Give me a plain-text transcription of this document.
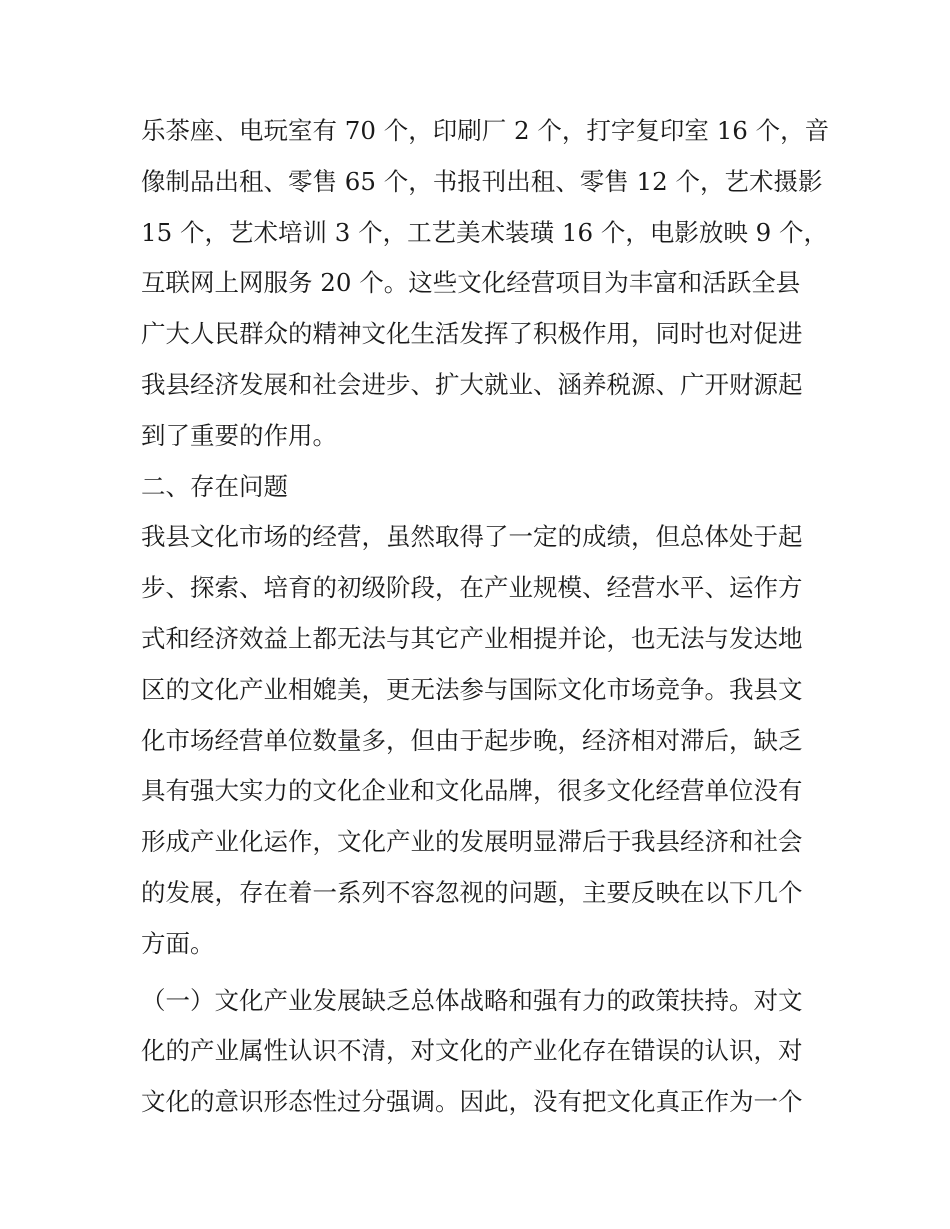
乐茶座、电玩室有 70 个，印刷厂 2 个，打字复印室 16 个，音
像制品出租、零售 65 个，书报刊出租、零售 12 个，艺术摄影
15 个，艺术培训 3 个，工艺美术装璜 16 个，电影放映 9 个，
互联网上网服务 20 个。这些文化经营项目为丰富和活跃全县
广大人民群众的精神文化生活发挥了积极作用，同时也对促进
我县经济发展和社会进步、扩大就业、涵养税源、广开财源起
到了重要的作用。
二、存在问题
我县文化市场的经营，虽然取得了一定的成绩，但总体处于起
步、探索、培育的初级阶段，在产业规模、经营水平、运作方
式和经济效益上都无法与其它产业相提并论，也无法与发达地
区的文化产业相媲美，更无法参与国际文化市场竞争。我县文
化市场经营单位数量多，但由于起步晚，经济相对滞后，缺乏
具有强大实力的文化企业和文化品牌，很多文化经营单位没有
形成产业化运作，文化产业的发展明显滞后于我县经济和社会
的发展，存在着一系列不容忽视的问题，主要反映在以下几个
方面。
（一）文化产业发展缺乏总体战略和强有力的政策扶持。对文
化的产业属性认识不清，对文化的产业化存在错误的认识，对
文化的意识形态性过分强调。因此，没有把文化真正作为一个
